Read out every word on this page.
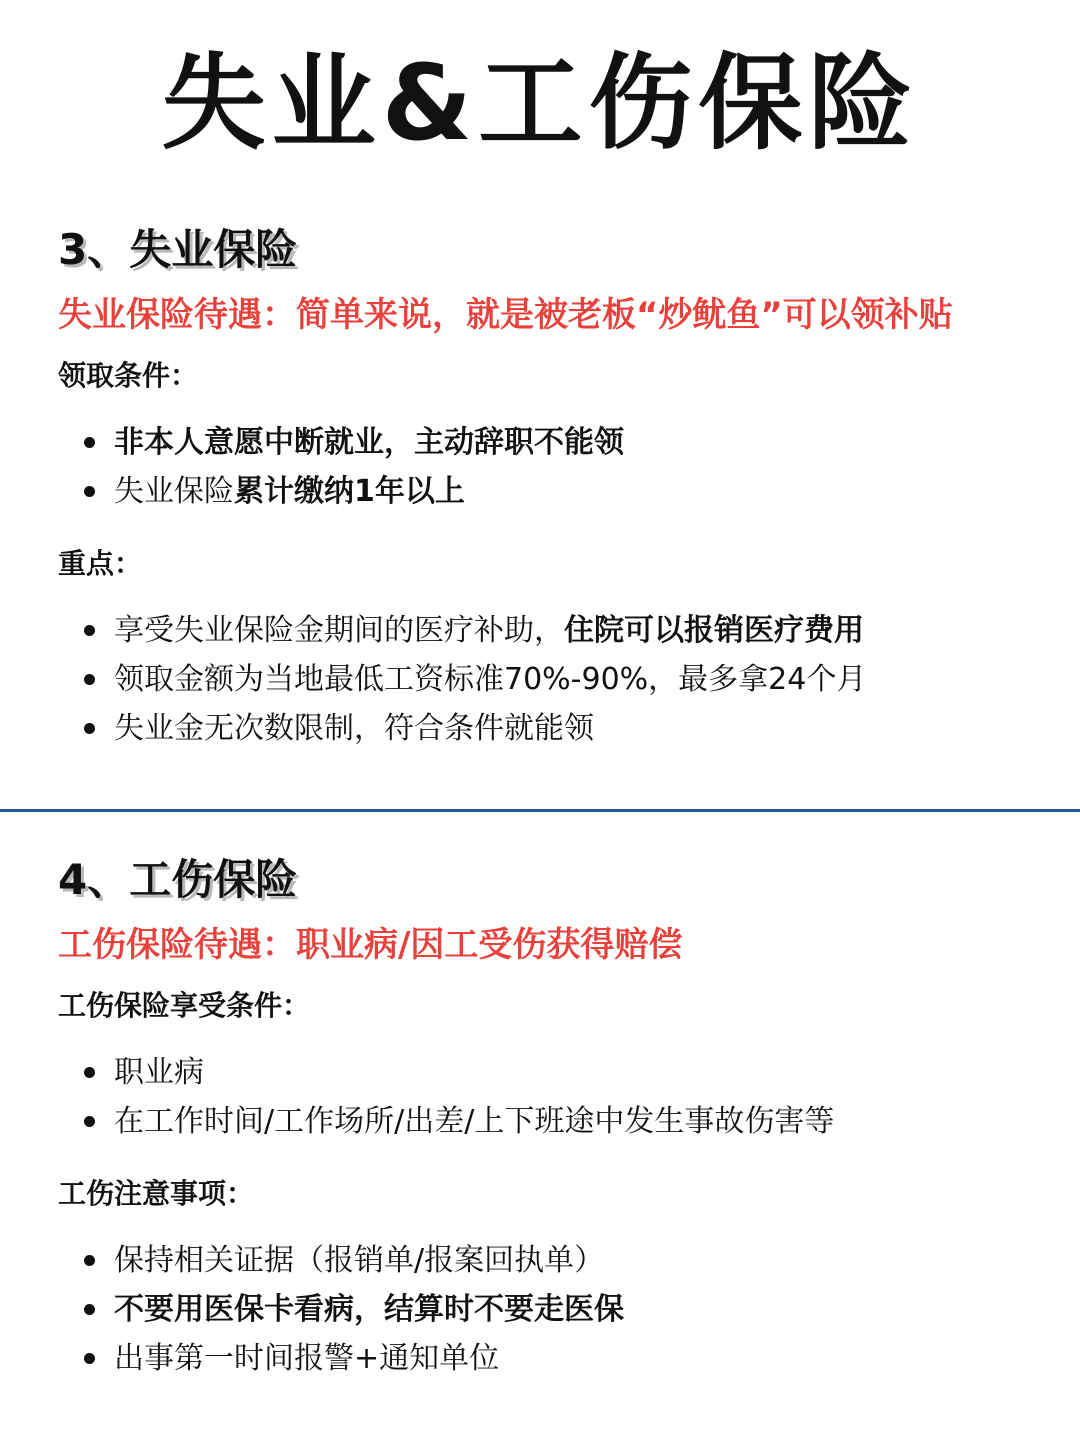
失业&工伤保险
3、失业保险
失业保险待遇：简单来说，就是被老板“炒鱿鱼”可以领补贴
领取条件：
非本人意愿中断就业，主动辞职不能领
失业保险累计缴纳1年以上
重点：
享受失业保险金期间的医疗补助，住院可以报销医疗费用
领取金额为当地最低工资标准70%-90%，最多拿24个月
失业金无次数限制，符合条件就能领
4、工伤保险
工伤保险待遇：职业病/因工受伤获得赔偿
工伤保险享受条件：
职业病
在工作时间/工作场所/出差/上下班途中发生事故伤害等
工伤注意事项：
保持相关证据（报销单/报案回执单）
不要用医保卡看病，结算时不要走医保
出事第一时间报警+通知单位
